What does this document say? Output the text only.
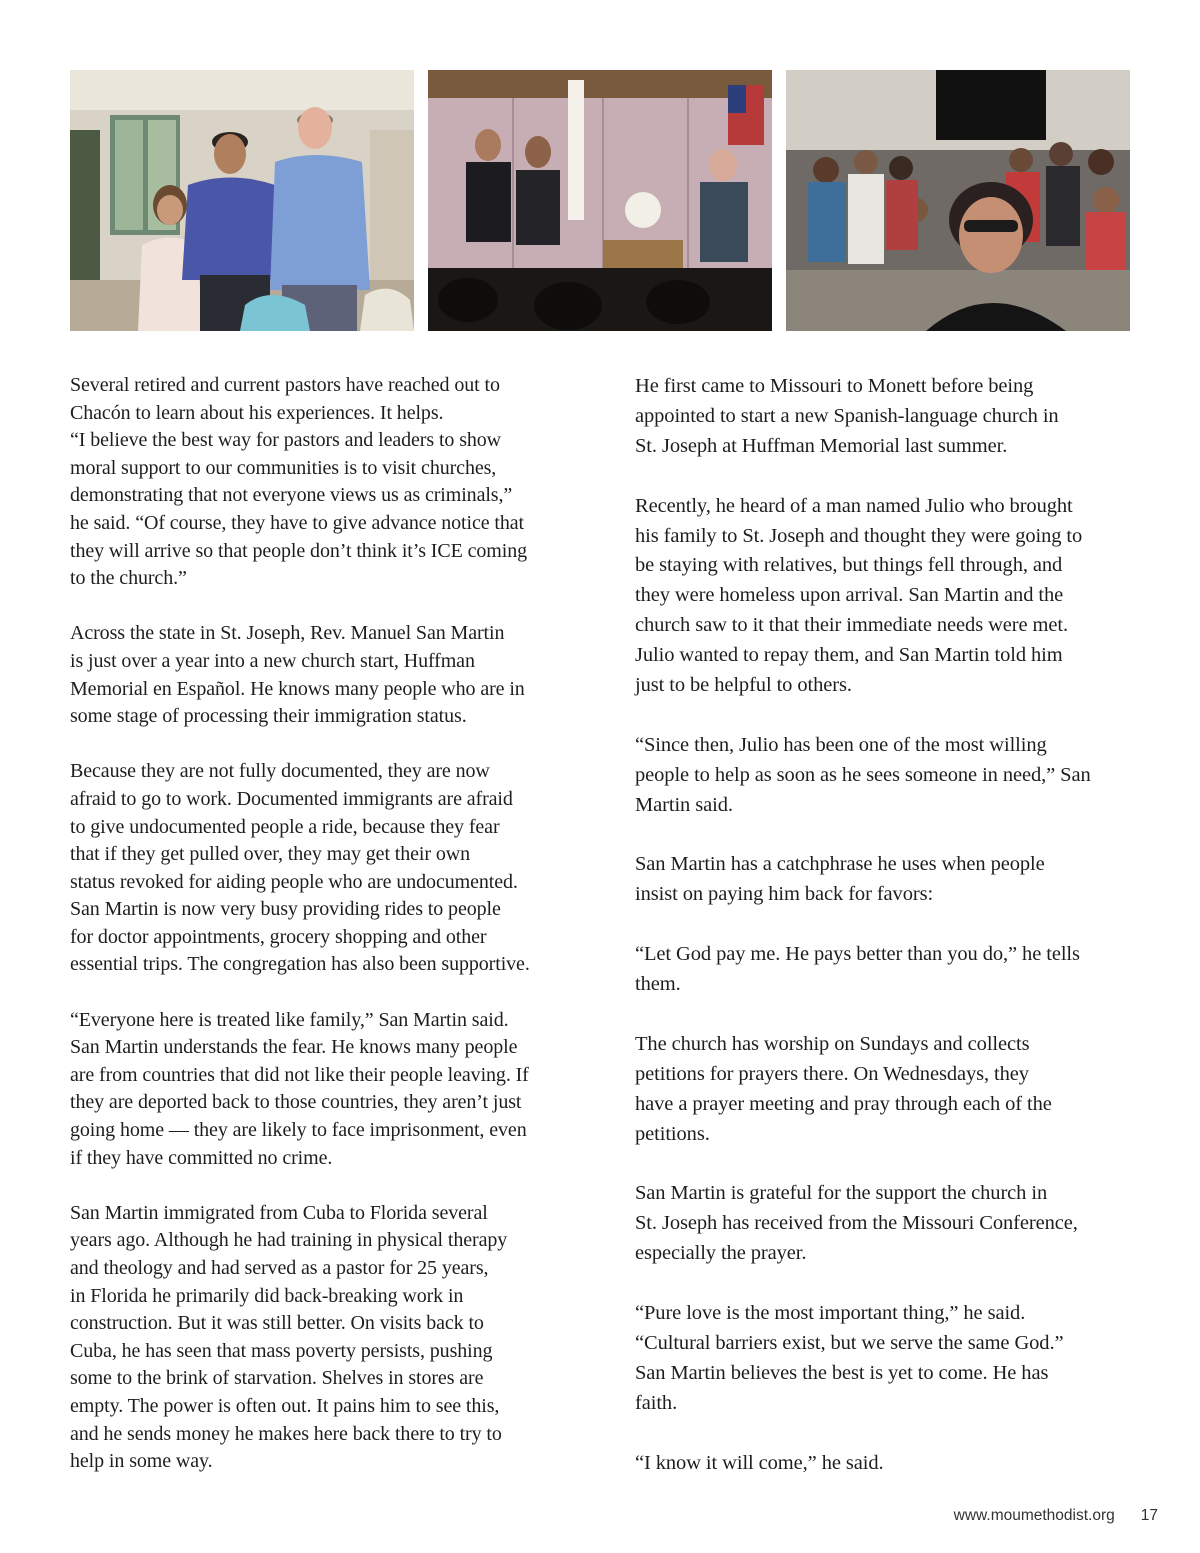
Several retired and current pastors have reached out to
Chacón to learn about his experiences. It helps.
“I believe the best way for pastors and leaders to show
moral support to our communities is to visit churches,
demonstrating that not everyone views us as criminals,”
he said. “Of course, they have to give advance notice that
they will arrive so that people don’t think it’s ICE coming
to the church.”

Across the state in St. Joseph, Rev. Manuel San Martin
is just over a year into a new church start, Huffman
Memorial en Español. He knows many people who are in
some stage of processing their immigration status.

Because they are not fully documented, they are now
afraid to go to work. Documented immigrants are afraid
to give undocumented people a ride, because they fear
that if they get pulled over, they may get their own
status revoked for aiding people who are undocumented.
San Martin is now very busy providing rides to people
for doctor appointments, grocery shopping and other
essential trips. The congregation has also been supportive.

“Everyone here is treated like family,” San Martin said.
San Martin understands the fear. He knows many people
are from countries that did not like their people leaving. If
they are deported back to those countries, they aren’t just
going home — they are likely to face imprisonment, even
if they have committed no crime.

San Martin immigrated from Cuba to Florida several
years ago. Although he had training in physical therapy
and theology and had served as a pastor for 25 years,
in Florida he primarily did back-breaking work in
construction. But it was still better. On visits back to
Cuba, he has seen that mass poverty persists, pushing
some to the brink of starvation. Shelves in stores are
empty. The power is often out. It pains him to see this,
and he sends money he makes here back there to try to
help in some way.

He first came to Missouri to Monett before being
appointed to start a new Spanish-language church in
St. Joseph at Huffman Memorial last summer.

Recently, he heard of a man named Julio who brought
his family to St. Joseph and thought they were going to
be staying with relatives, but things fell through, and
they were homeless upon arrival. San Martin and the
church saw to it that their immediate needs were met.
Julio wanted to repay them, and San Martin told him
just to be helpful to others.

“Since then, Julio has been one of the most willing
people to help as soon as he sees someone in need,” San
Martin said.

San Martin has a catchphrase he uses when people
insist on paying him back for favors:

“Let God pay me. He pays better than you do,” he tells
them.

The church has worship on Sundays and collects
petitions for prayers there. On Wednesdays, they
have a prayer meeting and pray through each of the
petitions.

San Martin is grateful for the support the church in
St. Joseph has received from the Missouri Conference,
especially the prayer.

“Pure love is the most important thing,” he said.
“Cultural barriers exist, but we serve the same God.”
San Martin believes the best is yet to come. He has
faith.

“I know it will come,” he said.

www.moumethodist.org 17
